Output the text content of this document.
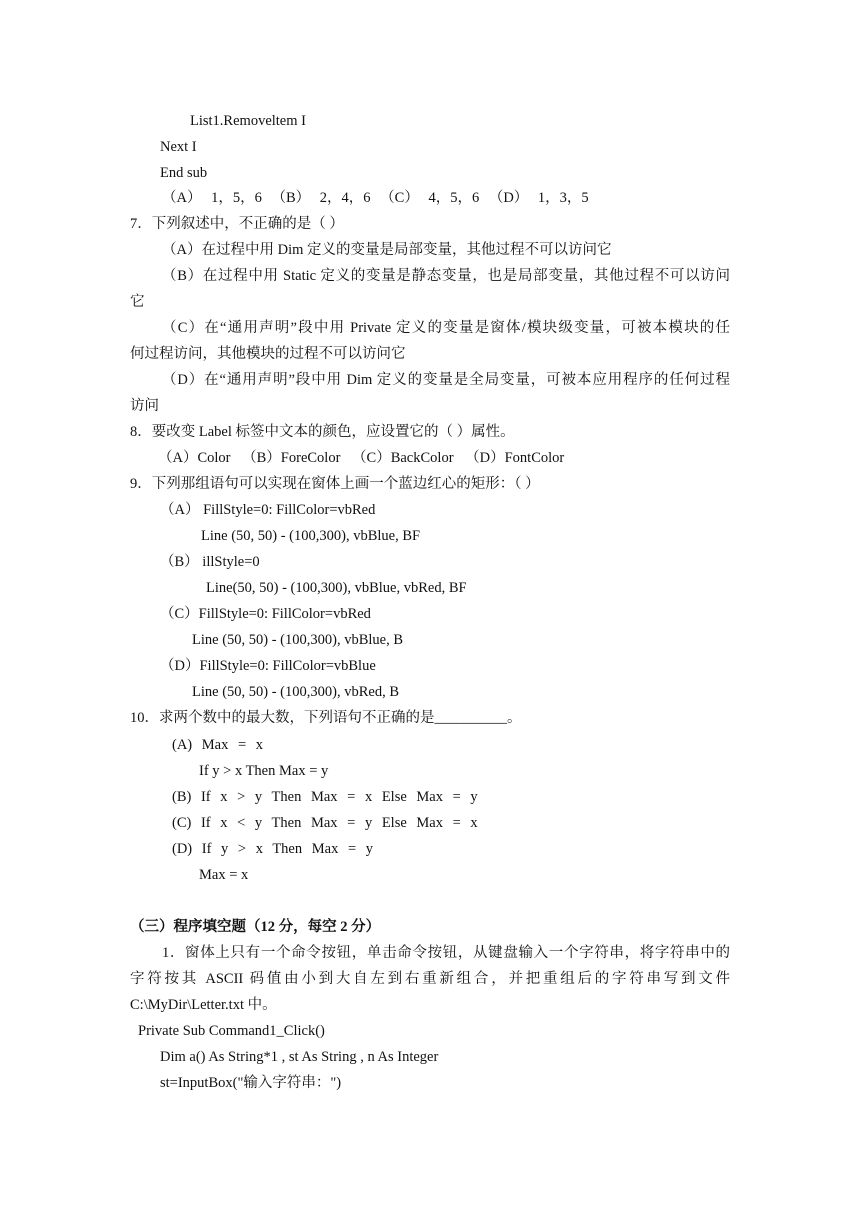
List1.Removeltem I
Next I
End sub
（A） 1，5，6 （B） 2，4，6 （C） 4，5，6 （D） 1，3，5
7．下列叙述中，不正确的是（ ）
（A）在过程中用 Dim 定义的变量是局部变量，其他过程不可以访问它
（B）在过程中用 Static 定义的变量是静态变量，也是局部变量，其他过程不可以访问
它
（C）在“通用声明”段中用 Private 定义的变量是窗体/模块级变量，可被本模块的任
何过程访问，其他模块的过程不可以访问它
（D）在“通用声明”段中用 Dim 定义的变量是全局变量，可被本应用程序的任何过程
访问
8．要改变 Label 标签中文本的颜色，应设置它的（ ）属性。
（A）Color （B）ForeColor （C）BackColor （D）FontColor
9．下列那组语句可以实现在窗体上画一个蓝边红心的矩形：（ ）
（A） FillStyle=0: FillColor=vbRed
Line (50, 50) - (100,300), vbBlue, BF
（B） illStyle=0
Line(50, 50) - (100,300), vbBlue, vbRed, BF
（C）FillStyle=0: FillColor=vbRed
Line (50, 50) - (100,300), vbBlue, B
（D）FillStyle=0: FillColor=vbBlue
Line (50, 50) - (100,300), vbRed, B
10．求两个数中的最大数，下列语句不正确的是__________。
(A) Max = x
If y > x Then Max = y
(B) If x > y Then Max = x Else Max = y
(C) If x < y Then Max = y Else Max = x
(D) If y > x Then Max = y
Max = x
（三）程序填空题（12 分，每空 2 分）
1．窗体上只有一个命令按钮，单击命令按钮，从键盘输入一个字符串，将字符串中的
字符按其 ASCII 码值由小到大自左到右重新组合，并把重组后的字符串写到文件
C:\MyDir\Letter.txt 中。
Private Sub Command1_Click()
Dim a() As String*1 , st As String , n As Integer
st=InputBox("输入字符串：")
